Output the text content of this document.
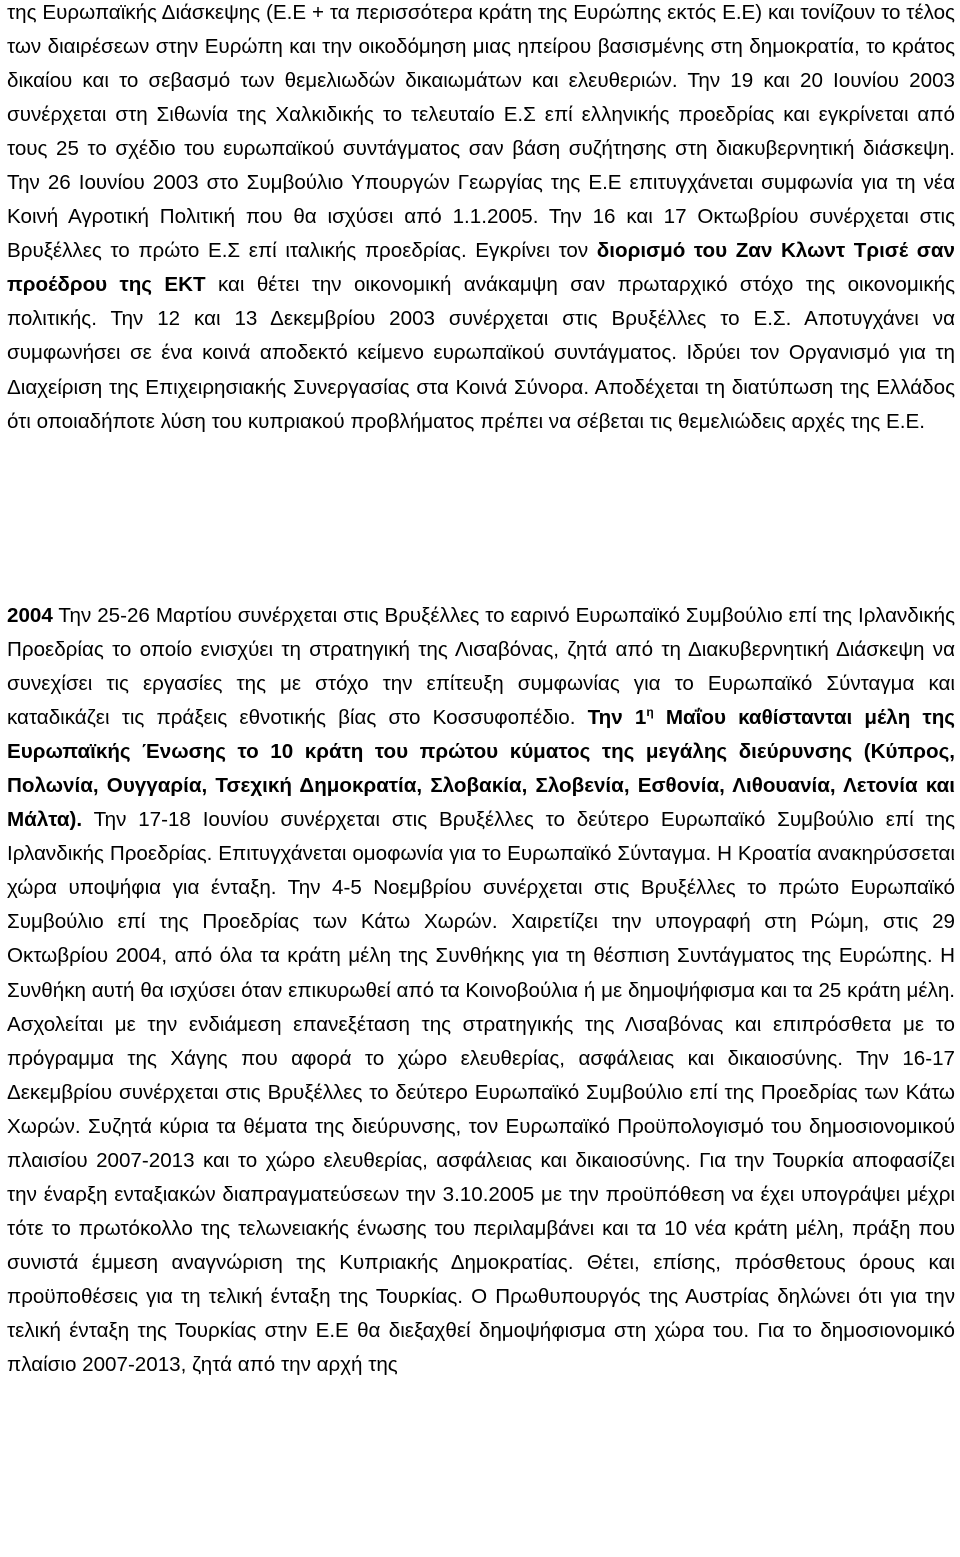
της Ευρωπαϊκής Διάσκεψης (Ε.Ε + τα περισσότερα κράτη της Ευρώπης εκτός Ε.Ε) και τονίζουν το τέλος των διαιρέσεων στην Ευρώπη και την οικοδόμηση μιας ηπείρου βασισμένης στη δημοκρατία, το κράτος δικαίου και το σεβασμό των θεμελιωδών δικαιωμάτων και ελευθεριών. Την 19 και 20 Ιουνίου 2003 συνέρχεται στη Σιθωνία της Χαλκιδικής το τελευταίο Ε.Σ επί ελληνικής προεδρίας και εγκρίνεται από τους 25 το σχέδιο του ευρωπαϊκού συντάγματος σαν βάση συζήτησης στη διακυβερνητική διάσκεψη. Την 26 Ιουνίου 2003 στο Συμβούλιο Υπουργών Γεωργίας της Ε.Ε επιτυγχάνεται συμφωνία για τη νέα Κοινή Αγροτική Πολιτική που θα ισχύσει από 1.1.2005. Την 16 και 17 Οκτωβρίου συνέρχεται στις Βρυξέλλες το πρώτο Ε.Σ επί ιταλικής προεδρίας. Εγκρίνει τον διορισμό του Ζαν Κλωντ Τρισέ σαν προέδρου της ΕΚΤ και θέτει την οικονομική ανάκαμψη σαν πρωταρχικό στόχο της οικονομικής πολιτικής. Την 12 και 13 Δεκεμβρίου 2003 συνέρχεται στις Βρυξέλλες το Ε.Σ. Αποτυγχάνει να συμφωνήσει σε ένα κοινά αποδεκτό κείμενο ευρωπαϊκού συντάγματος. Ιδρύει τον Οργανισμό για τη Διαχείριση της Επιχειρησιακής Συνεργασίας στα Κοινά Σύνορα. Αποδέχεται τη διατύπωση της Ελλάδος ότι οποιαδήποτε λύση του κυπριακού προβλήματος πρέπει να σέβεται τις θεμελιώδεις αρχές της Ε.Ε.

2004 Την 25-26 Μαρτίου συνέρχεται στις Βρυξέλλες το εαρινό Ευρωπαϊκό Συμβούλιο επί της Ιρλανδικής Προεδρίας το οποίο ενισχύει τη στρατηγική της Λισαβόνας, ζητά από τη Διακυβερνητική Διάσκεψη να συνεχίσει τις εργασίες της με στόχο την επίτευξη συμφωνίας για το Ευρωπαϊκό Σύνταγμα και καταδικάζει τις πράξεις εθνοτικής βίας στο Κοσσυφοπέδιο. Την $1^\eta$ Μαΐου καθίστανται μέλη της Ευρωπαϊκής Ένωσης το 10 κράτη του πρώτου κύματος της μεγάλης διεύρυνσης (Κύπρος, Πολωνία, Ουγγαρία, Τσεχική Δημοκρατία, Σλοβακία, Σλοβενία, Εσθονία, Λιθουανία, Λετονία και Μάλτα). Την 17-18 Ιουνίου συνέρχεται στις Βρυξέλλες το δεύτερο Ευρωπαϊκό Συμβούλιο επί της Ιρλανδικής Προεδρίας. Επιτυγχάνεται ομοφωνία για το Ευρωπαϊκό Σύνταγμα. Η Κροατία ανακηρύσσεται χώρα υποψήφια για ένταξη. Την 4-5 Νοεμβρίου συνέρχεται στις Βρυξέλλες το πρώτο Ευρωπαϊκό Συμβούλιο επί της Προεδρίας των Κάτω Χωρών. Χαιρετίζει την υπογραφή στη Ρώμη, στις 29 Οκτωβρίου 2004, από όλα τα κράτη μέλη της Συνθήκης για τη θέσπιση Συντάγματος της Ευρώπης. Η Συνθήκη αυτή θα ισχύσει όταν επικυρωθεί από τα Κοινοβούλια ή με δημοψήφισμα και τα 25 κράτη μέλη. Ασχολείται με την ενδιάμεση επανεξέταση της στρατηγικής της Λισαβόνας και επιπρόσθετα με το πρόγραμμα της Χάγης που αφορά το χώρο ελευθερίας, ασφάλειας και δικαιοσύνης. Την 16-17 Δεκεμβρίου συνέρχεται στις Βρυξέλλες το δεύτερο Ευρωπαϊκό Συμβούλιο επί της Προεδρίας των Κάτω Χωρών. Συζητά κύρια τα θέματα της διεύρυνσης, τον Ευρωπαϊκό Προϋπολογισμό του δημοσιονομικού πλαισίου 2007-2013 και το χώρο ελευθερίας, ασφάλειας και δικαιοσύνης. Για την Τουρκία αποφασίζει την έναρξη ενταξιακών διαπραγματεύσεων την 3.10.2005 με την προϋπόθεση να έχει υπογράψει μέχρι τότε το πρωτόκολλο της τελωνειακής ένωσης του περιλαμβάνει και τα 10 νέα κράτη μέλη, πράξη που συνιστά έμμεση αναγνώριση της Κυπριακής Δημοκρατίας. Θέτει, επίσης, πρόσθετους όρους και προϋποθέσεις για τη τελική ένταξη της Τουρκίας. Ο Πρωθυπουργός της Αυστρίας δηλώνει ότι για την τελική ένταξη της Τουρκίας στην Ε.Ε θα διεξαχθεί δημοψήφισμα στη χώρα του. Για το δημοσιονομικό πλαίσιο 2007-2013, ζητά από την αρχή της
